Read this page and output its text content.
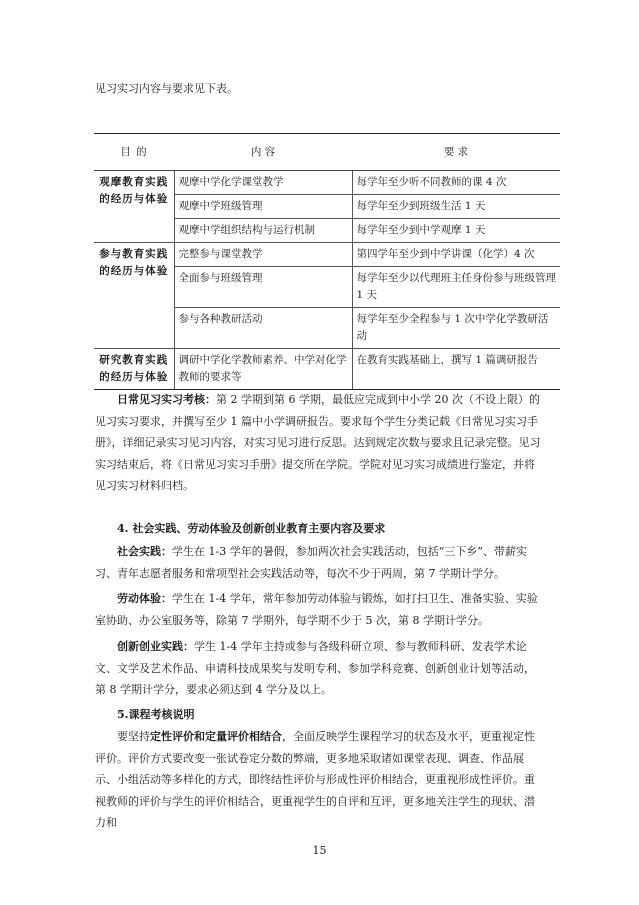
见习实习内容与要求见下表。
目 的	内 容	要 求
观摩教育实践的经历与体验	观摩中学化学课堂教学	每学年至少听不同教师的课 4 次
	观摩中学班级管理	每学年至少到班级生活 1 天
	观摩中学组织结构与运行机制	每学年至少到中学观摩 1 天
参与教育实践的经历与体验	完整参与课堂教学	第四学年至少到中学讲课（化学）4 次
	全面参与班级管理	每学年至少以代理班主任身份参与班级管理 1 天
	参与各种教研活动	每学年至少全程参与 1 次中学化学教研活动
研究教育实践的经历与体验	调研中学化学教师素养、中学对化学教师的要求等	在教育实践基础上，撰写 1 篇调研报告
日常见习实习考核：第 2 学期到第 6 学期，最低应完成到中小学 20 次（不设上限）的见习实习要求，并撰写至少 1 篇中小学调研报告。要求每个学生分类记载《日常见习实习手册》，详细记录实习见习内容，对实习见习进行反思。达到规定次数与要求且记录完整。见习实习结束后，将《日常见习实习手册》提交所在学院。学院对见习实习成绩进行鉴定，并将见习实习材料归档。
4. 社会实践、劳动体验及创新创业教育主要内容及要求
社会实践：学生在 1-3 学年的暑假，参加两次社会实践活动，包括“三下乡”、带薪实习、青年志愿者服务和常项型社会实践活动等，每次不少于两周，第 7 学期计学分。
劳动体验：学生在 1-4 学年，常年参加劳动体验与锻炼，如打扫卫生、准备实验、实验室协助、办公室服务等，除第 7 学期外，每学期不少于 5 次，第 8 学期计学分。
创新创业实践：学生 1-4 学年主持或参与各级科研立项、参与教师科研、发表学术论文、文学及艺术作品、申请科技成果奖与发明专利、参加学科竞赛、创新创业计划等活动，第 8 学期计学分，要求必须达到 4 学分及以上。
5.课程考核说明
要坚持定性评价和定量评价相结合，全面反映学生课程学习的状态及水平，更重视定性评价。评价方式要改变一张试卷定分数的弊端，更多地采取诸如课堂表现、调查、作品展示、小组活动等多样化的方式，即终结性评价与形成性评价相结合，更重视形成性评价。重视教师的评价与学生的评价相结合，更重视学生的自评和互评，更多地关注学生的现状、潜力和
15
